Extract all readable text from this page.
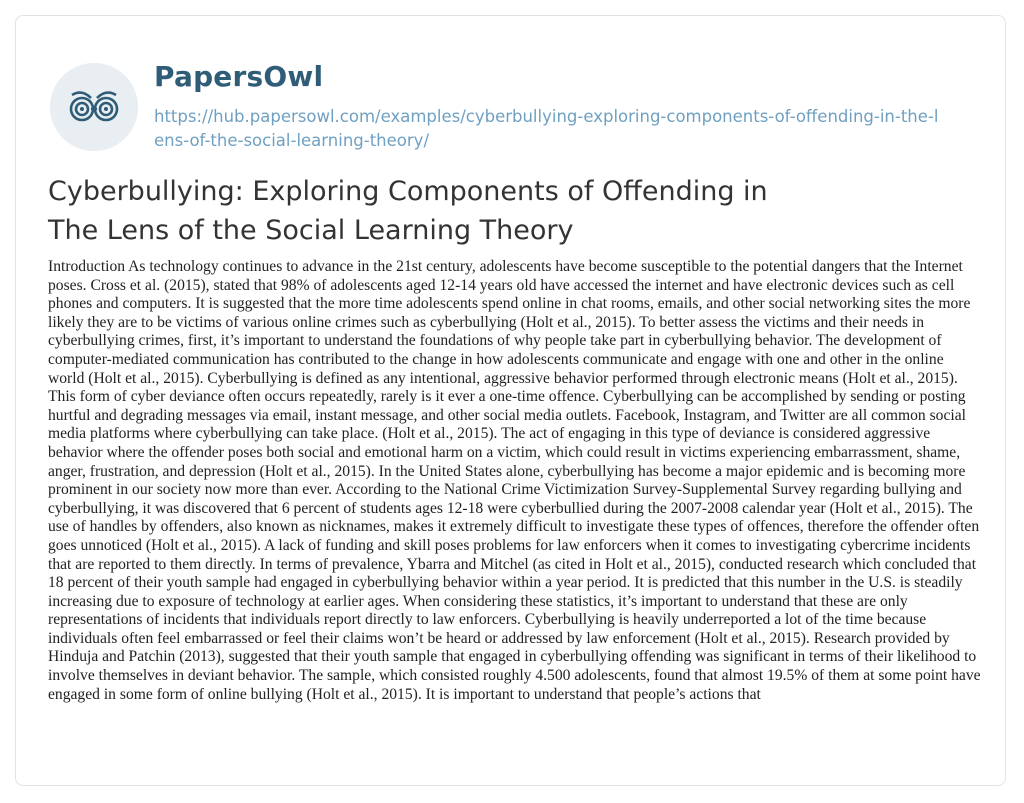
PapersOwl
https://hub.papersowl.com/examples/cyberbullying-exploring-components-of-offending-in-the-lens-of-the-social-learning-theory/
Cyberbullying: Exploring Components of Offending in The Lens of the Social Learning Theory

Introduction As technology continues to advance in the 21st century, adolescents have become susceptible to the potential dangers that the Internet poses. Cross et al. (2015), stated that 98% of adolescents aged 12-14 years old have accessed the internet and have electronic devices such as cell phones and computers. It is suggested that the more time adolescents spend online in chat rooms, emails, and other social networking sites the more likely they are to be victims of various online crimes such as cyberbullying (Holt et al., 2015). To better assess the victims and their needs in cyberbullying crimes, first, it’s important to understand the foundations of why people take part in cyberbullying behavior. The development of computer-mediated communication has contributed to the change in how adolescents communicate and engage with one and other in the online world (Holt et al., 2015). Cyberbullying is defined as any intentional, aggressive behavior performed through electronic means (Holt et al., 2015). This form of cyber deviance often occurs repeatedly, rarely is it ever a one-time offence. Cyberbullying can be accomplished by sending or posting hurtful and degrading messages via email, instant message, and other social media outlets. Facebook, Instagram, and Twitter are all common social media platforms where cyberbullying can take place. (Holt et al., 2015). The act of engaging in this type of deviance is considered aggressive behavior where the offender poses both social and emotional harm on a victim, which could result in victims experiencing embarrassment, shame, anger, frustration, and depression (Holt et al., 2015). In the United States alone, cyberbullying has become a major epidemic and is becoming more prominent in our society now more than ever. According to the National Crime Victimization Survey-Supplemental Survey regarding bullying and cyberbullying, it was discovered that 6 percent of students ages 12-18 were cyberbullied during the 2007-2008 calendar year (Holt et al., 2015). The use of handles by offenders, also known as nicknames, makes it extremely difficult to investigate these types of offences, therefore the offender often goes unnoticed (Holt et al., 2015). A lack of funding and skill poses problems for law enforcers when it comes to investigating cybercrime incidents that are reported to them directly. In terms of prevalence, Ybarra and Mitchel (as cited in Holt et al., 2015), conducted research which concluded that 18 percent of their youth sample had engaged in cyberbullying behavior within a year period. It is predicted that this number in the U.S. is steadily increasing due to exposure of technology at earlier ages. When considering these statistics, it’s important to understand that these are only representations of incidents that individuals report directly to law enforcers. Cyberbullying is heavily underreported a lot of the time because individuals often feel embarrassed or feel their claims won’t be heard or addressed by law enforcement (Holt et al., 2015). Research provided by Hinduja and Patchin (2013), suggested that their youth sample that engaged in cyberbullying offending was significant in terms of their likelihood to involve themselves in deviant behavior. The sample, which consisted roughly 4.500 adolescents, found that almost 19.5% of them at some point have engaged in some form of online bullying (Holt et al., 2015). It is important to understand that people’s actions that
